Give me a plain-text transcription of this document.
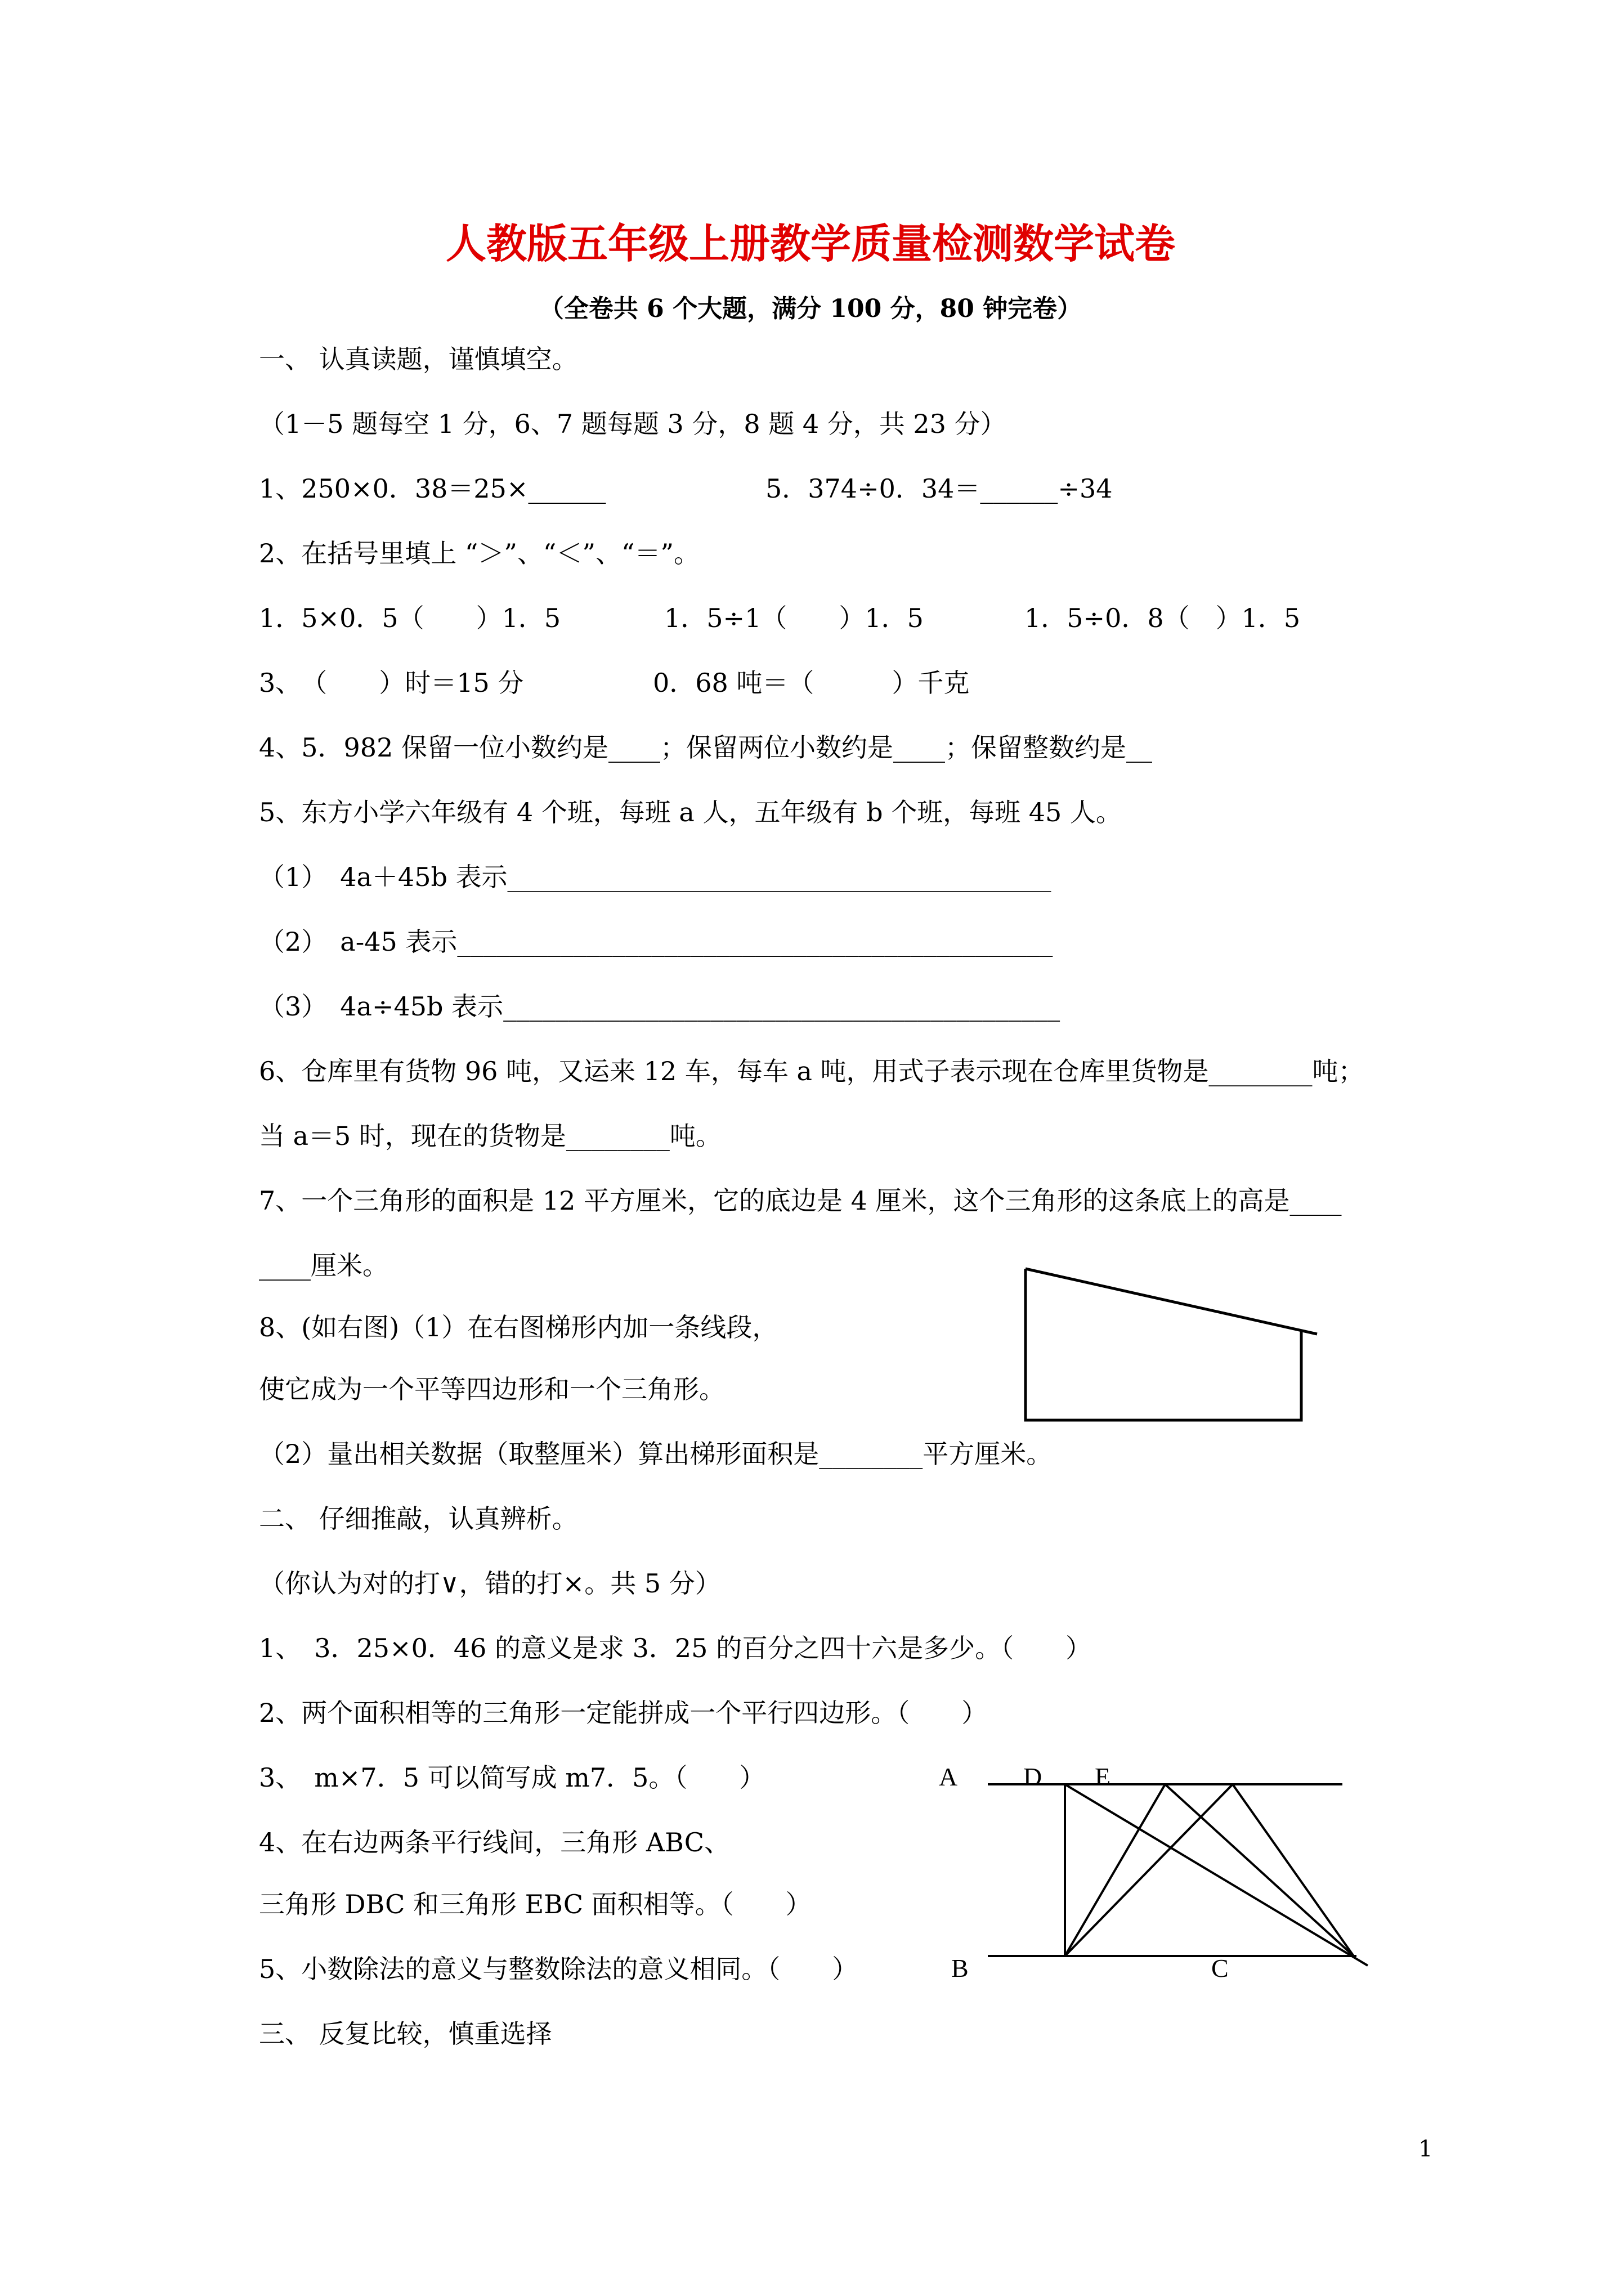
人教版五年级上册教学质量检测数学试卷
（全卷共 6 个大题，满分 100 分，80 钟完卷）
一、 认真读题，谨慎填空。
（1－5 题每空 1 分，6、7 题每题 3 分，8 题 4 分，共 23 分）
1、250×0．38＝25×______	5．374÷0．34＝______÷34
2、在括号里填上 “＞”、“＜”、“＝”。
1．5×0．5（　　）1．5	1．5÷1（　　）1．5	1．5÷0．8（　）1．5
3、　（　　）时＝15 分	0．68 吨＝（　　　）千克
4、5．982 保留一位小数约是____；保留两位小数约是____；保留整数约是__
5、东方小学六年级有 4 个班，每班 a 人，五年级有 b 个班，每班 45 人。
（1）　4a＋45b 表示__________________________________________
（2）　a-45 表示______________________________________________
（3）　4a÷45b 表示___________________________________________
6、仓库里有货物 96 吨，又运来 12 车，每车 a 吨，用式子表示现在仓库里货物是________吨；
当 a＝5 时，现在的货物是________吨。
7、一个三角形的面积是 12 平方厘米，它的底边是 4 厘米，这个三角形的这条底上的高是____
____厘米。
8、(如右图)（1）在右图梯形内加一条线段，
使它成为一个平等四边形和一个三角形。
（2）量出相关数据（取整厘米）算出梯形面积是________平方厘米。
二、 仔细推敲，认真辨析。
（你认为对的打∨，错的打×。共 5 分）
1、　3．25×0．46 的意义是求 3．25 的百分之四十六是多少。（　　）
2、两个面积相等的三角形一定能拼成一个平行四边形。（　　）
3、　m×7．5 可以简写成 m7．5。（　　）
4、在右边两条平行线间，三角形 ABC、
三角形 DBC 和三角形 EBC 面积相等。（　　）
5、小数除法的意义与整数除法的意义相同。（　　）
A	D E
B	C
三、 反复比较，慎重选择
1
